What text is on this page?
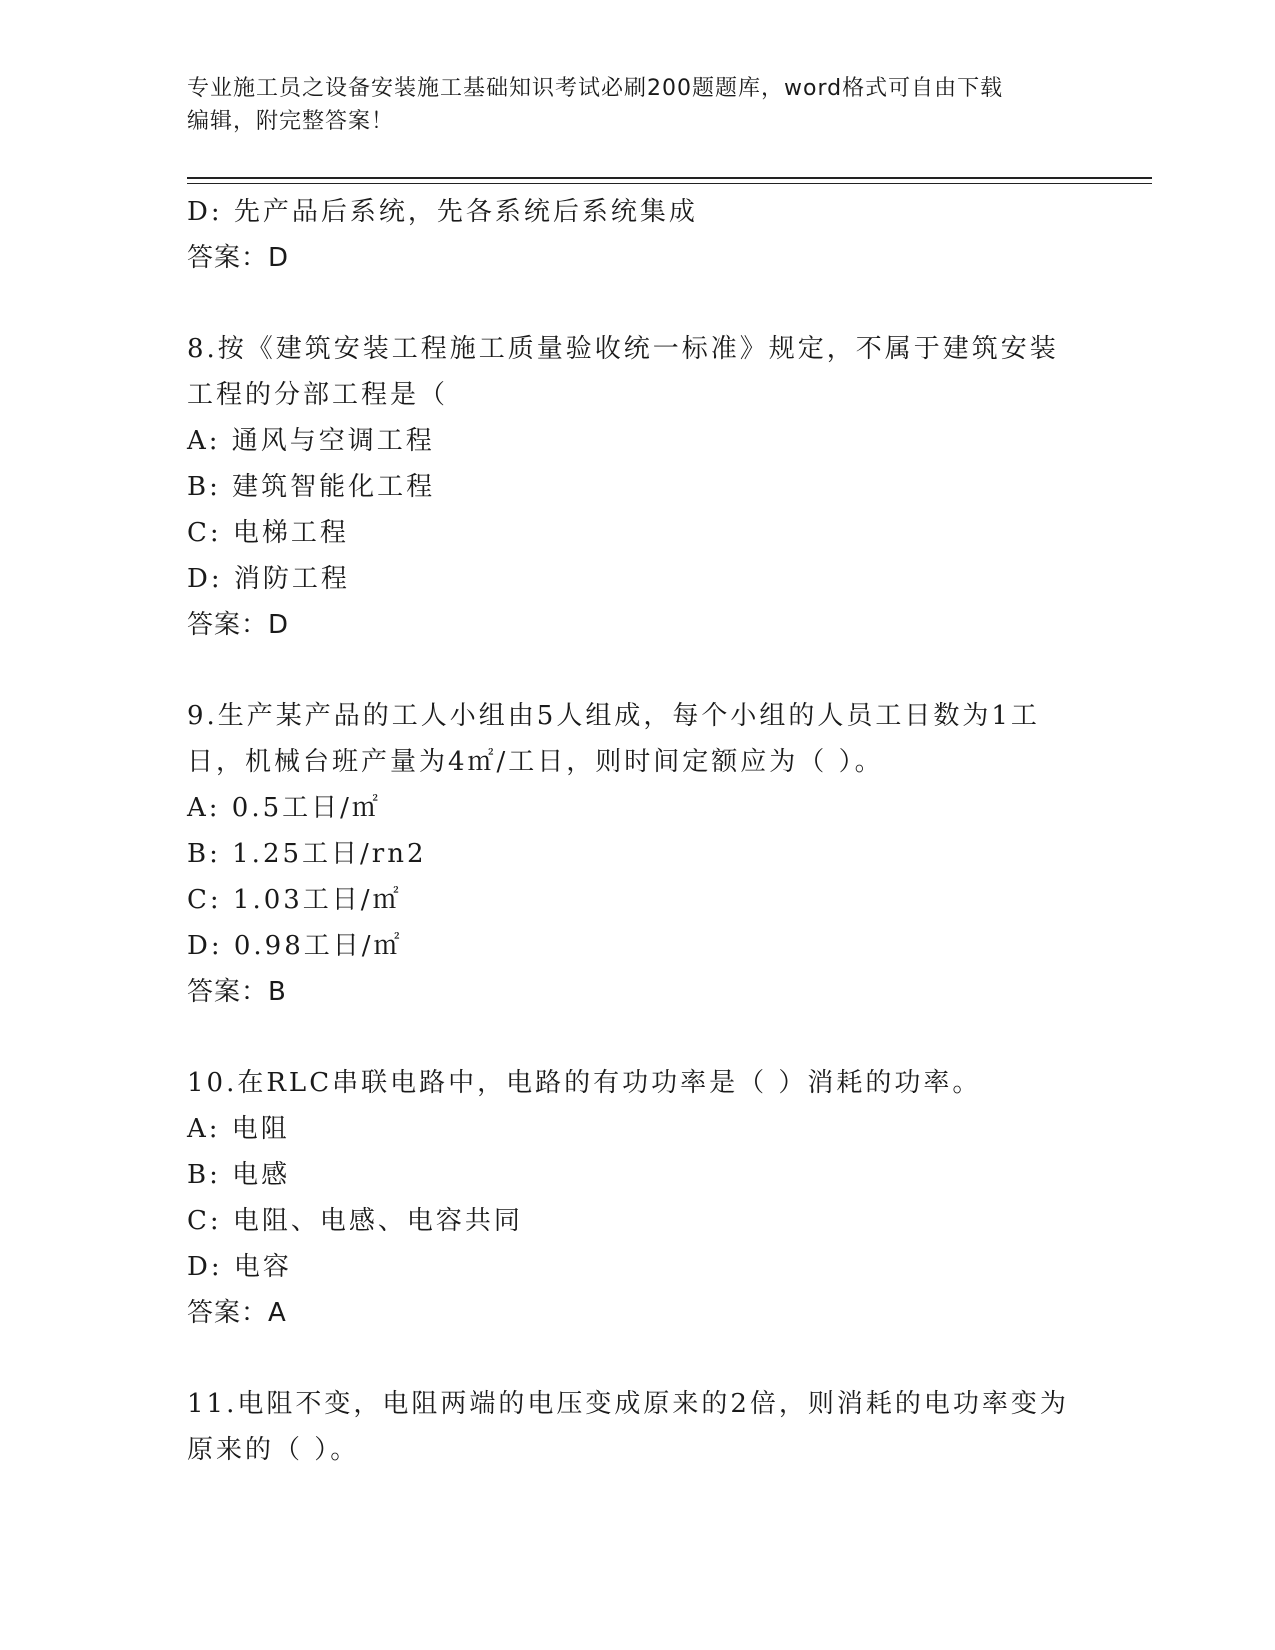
专业施工员之设备安装施工基础知识考试必刷200题题库，word格式可自由下载
编辑，附完整答案！
D: 先产品后系统，先各系统后系统集成
答案：D
8.按《建筑安装工程施工质量验收统一标准》规定，不属于建筑安装
工程的分部工程是（
A: 通风与空调工程
B: 建筑智能化工程
C: 电梯工程
D: 消防工程
答案：D
9.生产某产品的工人小组由5人组成，每个小组的人员工日数为1工
日，机械台班产量为4㎡/工日，则时间定额应为（ ）。
A: 0.5工日/㎡
B: 1.25工日/rn2
C: 1.03工日/㎡
D: 0.98工日/㎡
答案：B
10.在RLC串联电路中，电路的有功功率是（ ）消耗的功率。
A: 电阻
B: 电感
C: 电阻、电感、电容共同
D: 电容
答案：A
11.电阻不变，电阻两端的电压变成原来的2倍，则消耗的电功率变为
原来的（ ）。
